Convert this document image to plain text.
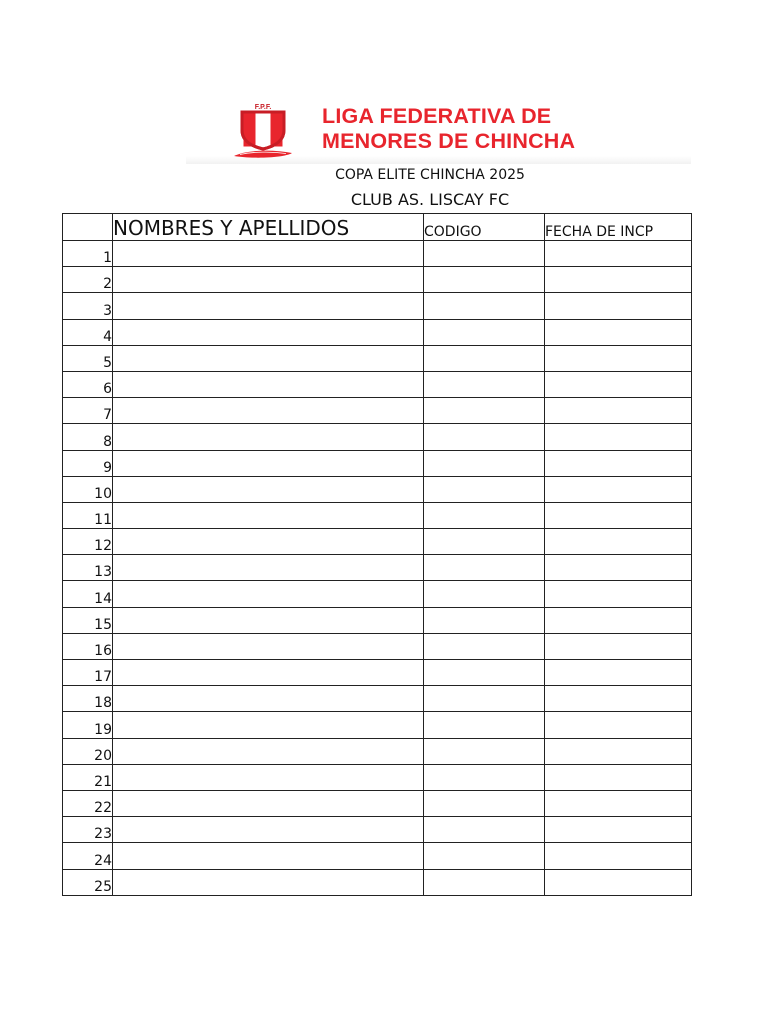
F.P.F. LIGA FEDERATIVA DE
MENORES DE CHINCHA
COPA ELITE CHINCHA 2025
CLUB AS. LISCAY FC
	NOMBRES Y APELLIDOS	CODIGO	FECHA DE INCP
1			
2			
3			
4			
5			
6			
7			
8			
9			
10			
11			
12			
13			
14			
15			
16			
17			
18			
19			
20			
21			
22			
23			
24			
25			
